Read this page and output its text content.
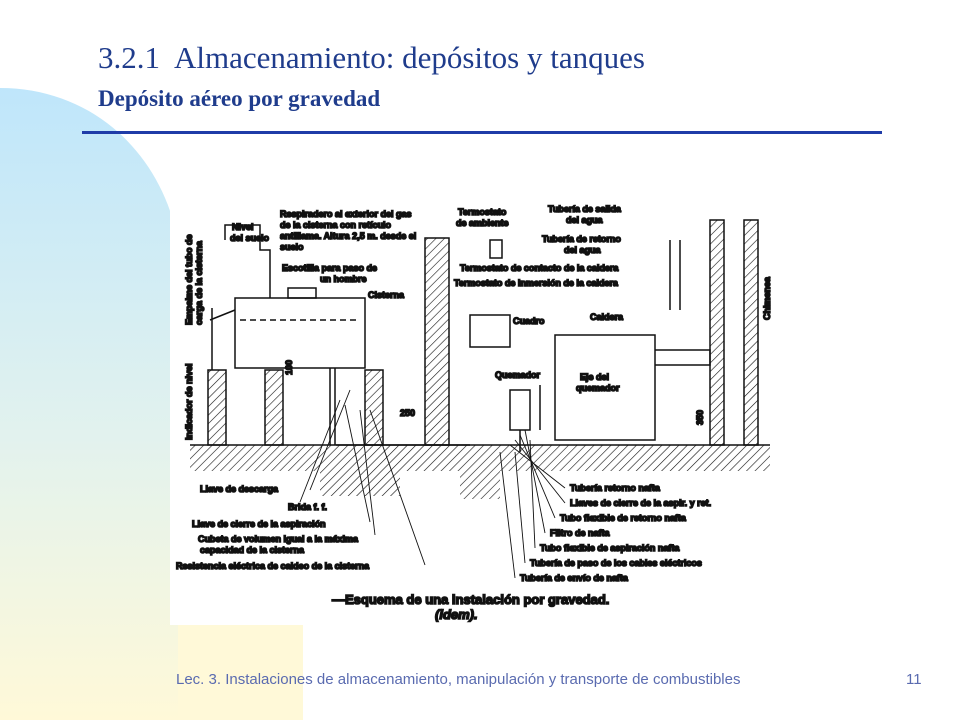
3.2.1 Almacenamiento: depósitos y tanques
Depósito aéreo por gravedad
Empalme del tubo de carga de la cisterna
Indicador de nivel
Nivel
del suelo
Respiradero al exterior del gas
de la cisterna con retículo
antillama. Altura 2,5 m. desde el
suelo
Escotilla para paso de
un hombre
Cisterna
Termostato
de ambiente
Tubería de salida
del agua
Tubería de retorno
del agua
Termostato de contacto de la caldera
Termostato de inmersión de la caldera	Chimenea
Cuadro	Caldera
Quemador	Eje del
quemador
100
250	350
Llave de descarga
Brida f. f.
Llave de cierre de la aspiración
Cubeta de volumen igual a la máxima
capacidad de la cisterna
Resistencia eléctrica de caldeo de la cisterna
Tubería retorno nafta
Llaves de cierre de la aspir. y ret.
Tubo flexible de retorno nafta
Filtro de nafta
Tubo flexible de aspiración nafta
Tubería de paso de los cables eléctricos
Tubería de envío de nafta
—Esquema de una instalación por gravedad.
(idem).
Lec. 3. Instalaciones de almacenamiento, manipulación y transporte de combustibles	11
